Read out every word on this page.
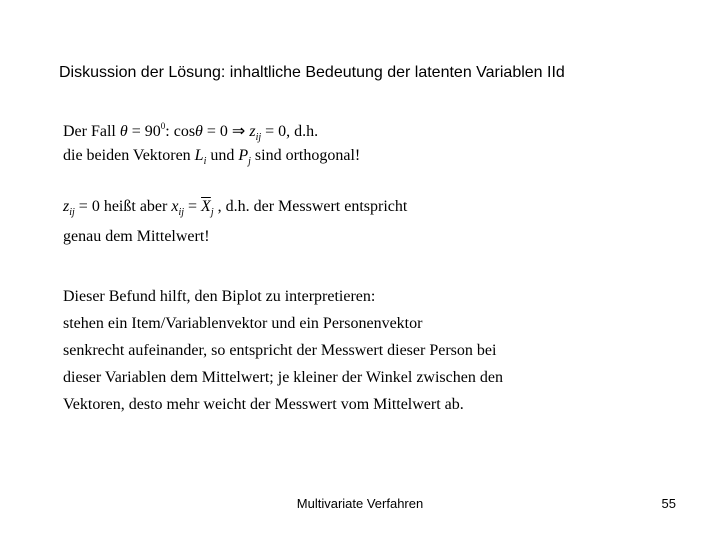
Diskussion der Lösung: inhaltliche Bedeutung der latenten Variablen IId
Der Fall $\theta = 90^0$: cosθ = 0 ⇒ $z_{ij} = 0$, d.h.
die beiden Vektoren $L_i$ und $P_j$ sind orthogonal!
$z_{ij} = 0$ heißt aber $x_{ij} = \overline{X}_j$ , d.h. der Messwert entspricht
genau dem Mittelwert!
Dieser Befund hilft, den Biplot zu interpretieren:
stehen ein Item/Variablenvektor und ein Personenvektor
senkrecht aufeinander, so entspricht der Messwert dieser Person bei
dieser Variablen dem Mittelwert; je kleiner der Winkel zwischen den
Vektoren, desto mehr weicht der Messwert vom Mittelwert ab.
Multivariate Verfahren	55
